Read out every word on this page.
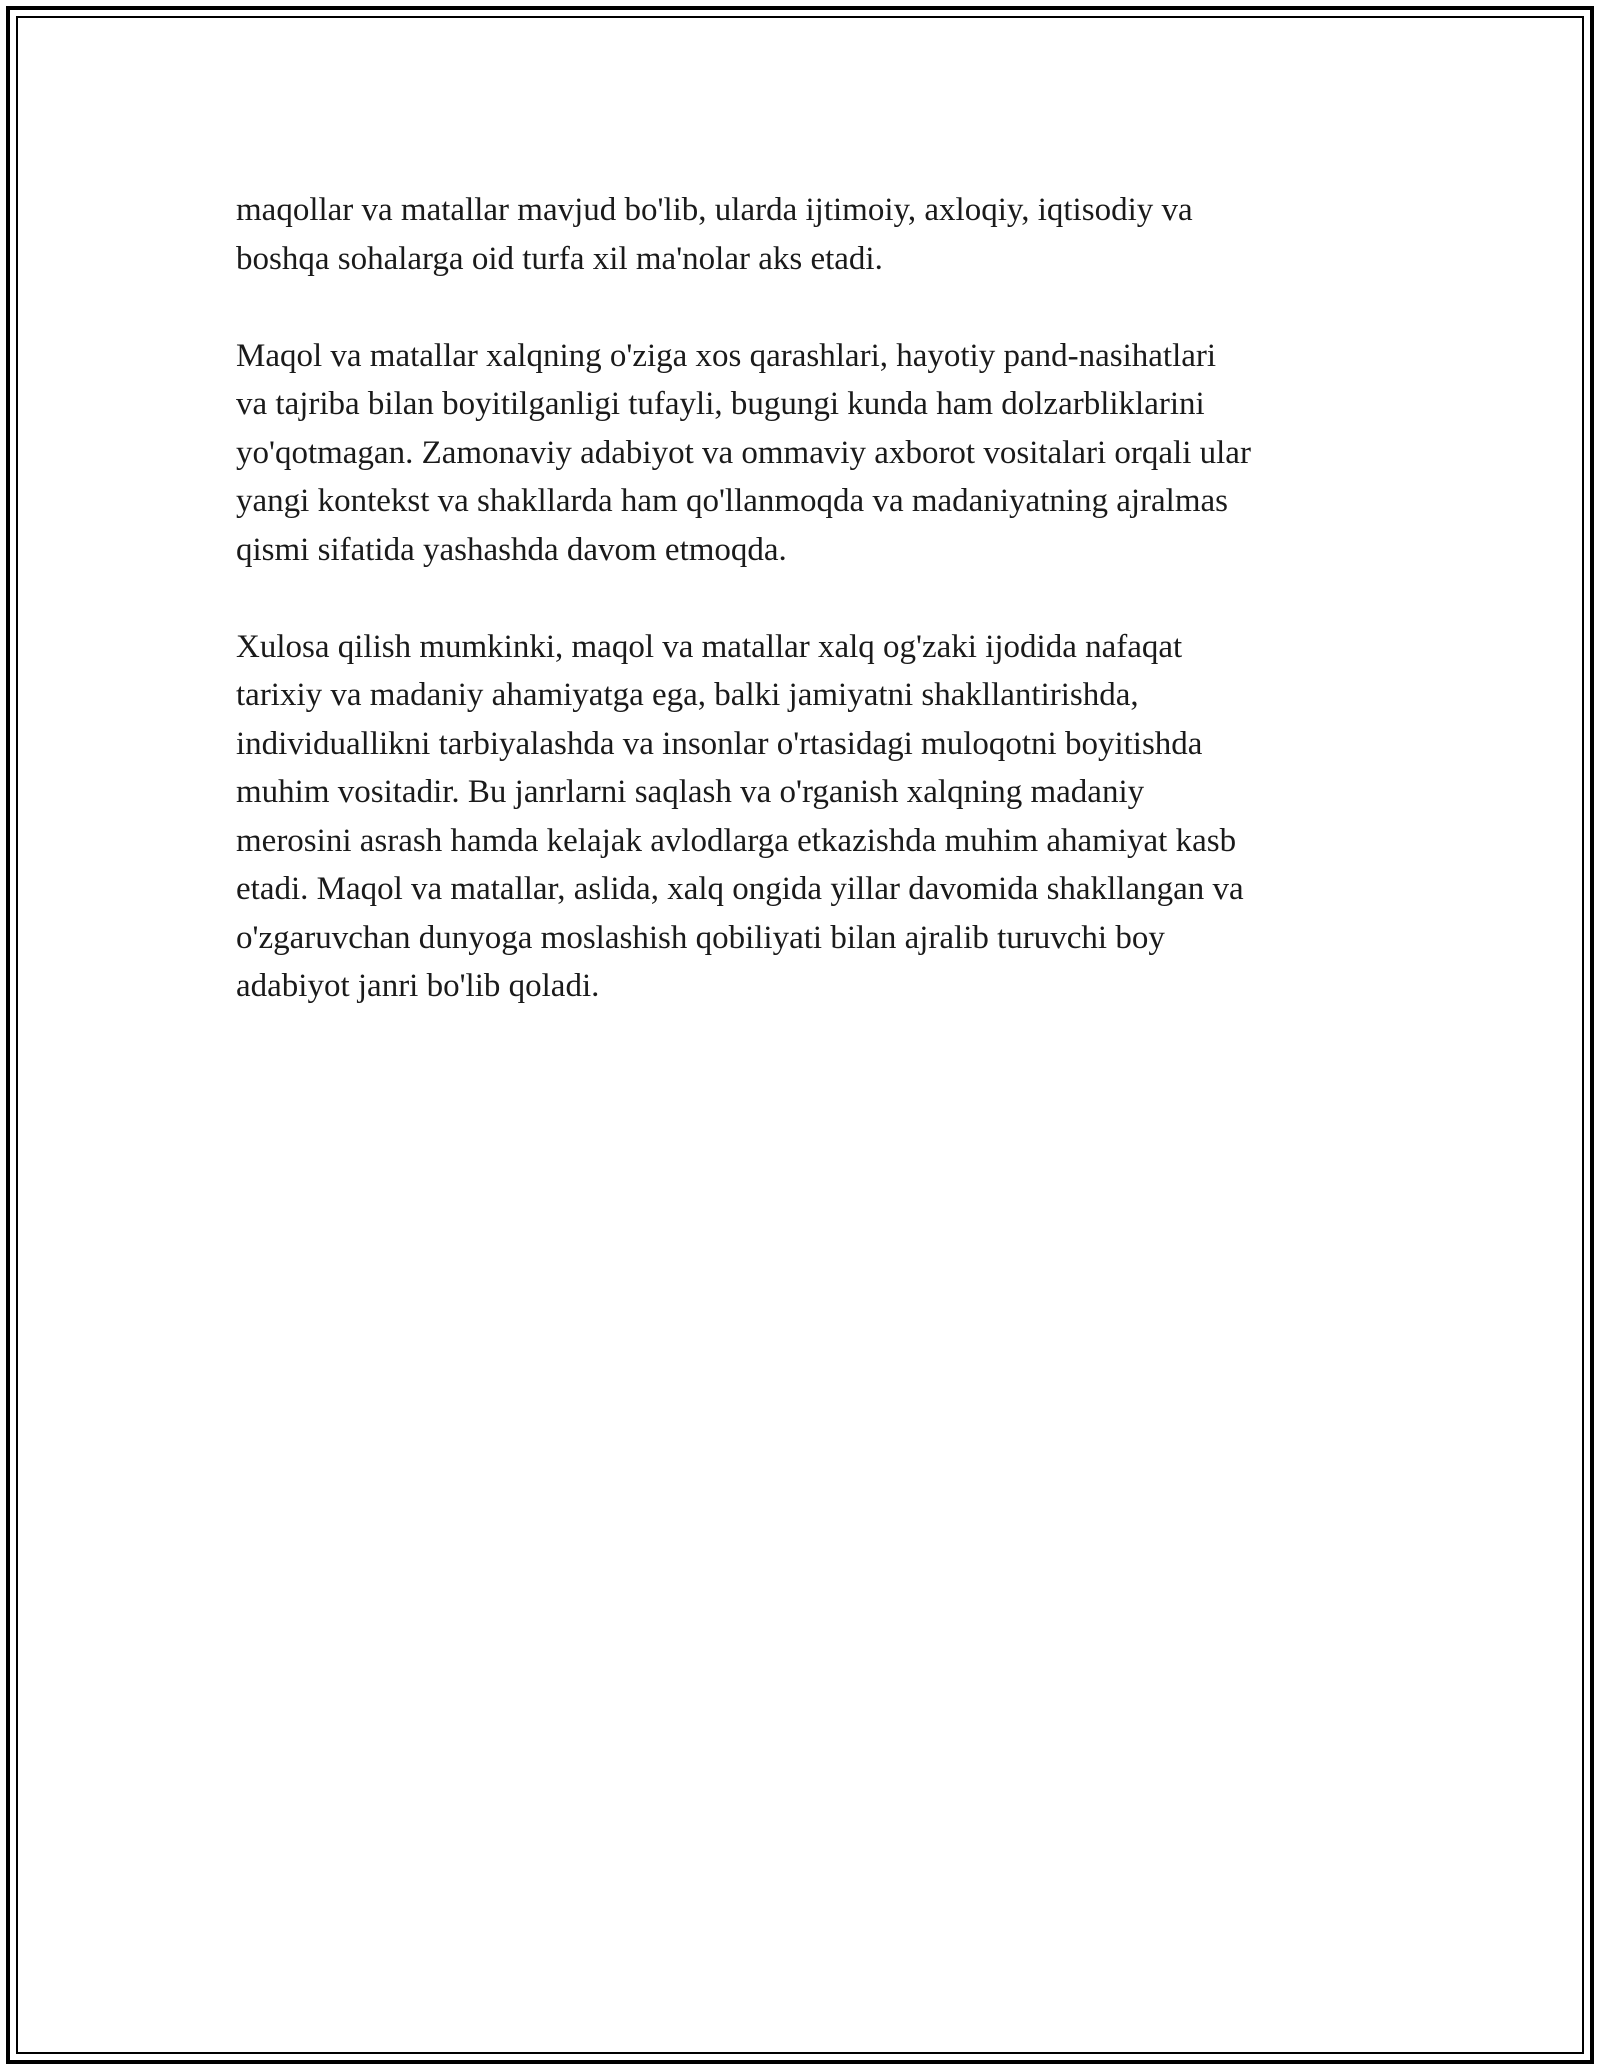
maqollar va matallar mavjud bo'lib, ularda ijtimoiy, axloqiy, iqtisodiy va
boshqa sohalarga oid turfa xil ma'nolar aks etadi.

Maqol va matallar xalqning o'ziga xos qarashlari, hayotiy pand-nasihatlari
va tajriba bilan boyitilganligi tufayli, bugungi kunda ham dolzarbliklarini
yo'qotmagan. Zamonaviy adabiyot va ommaviy axborot vositalari orqali ular
yangi kontekst va shakllarda ham qo'llanmoqda va madaniyatning ajralmas
qismi sifatida yashashda davom etmoqda.

Xulosa qilish mumkinki, maqol va matallar xalq og'zaki ijodida nafaqat
tarixiy va madaniy ahamiyatga ega, balki jamiyatni shakllantirishda,
individuallikni tarbiyalashda va insonlar o'rtasidagi muloqotni boyitishda
muhim vositadir. Bu janrlarni saqlash va o'rganish xalqning madaniy
merosini asrash hamda kelajak avlodlarga etkazishda muhim ahamiyat kasb
etadi. Maqol va matallar, aslida, xalq ongida yillar davomida shakllangan va
o'zgaruvchan dunyoga moslashish qobiliyati bilan ajralib turuvchi boy
adabiyot janri bo'lib qoladi.
